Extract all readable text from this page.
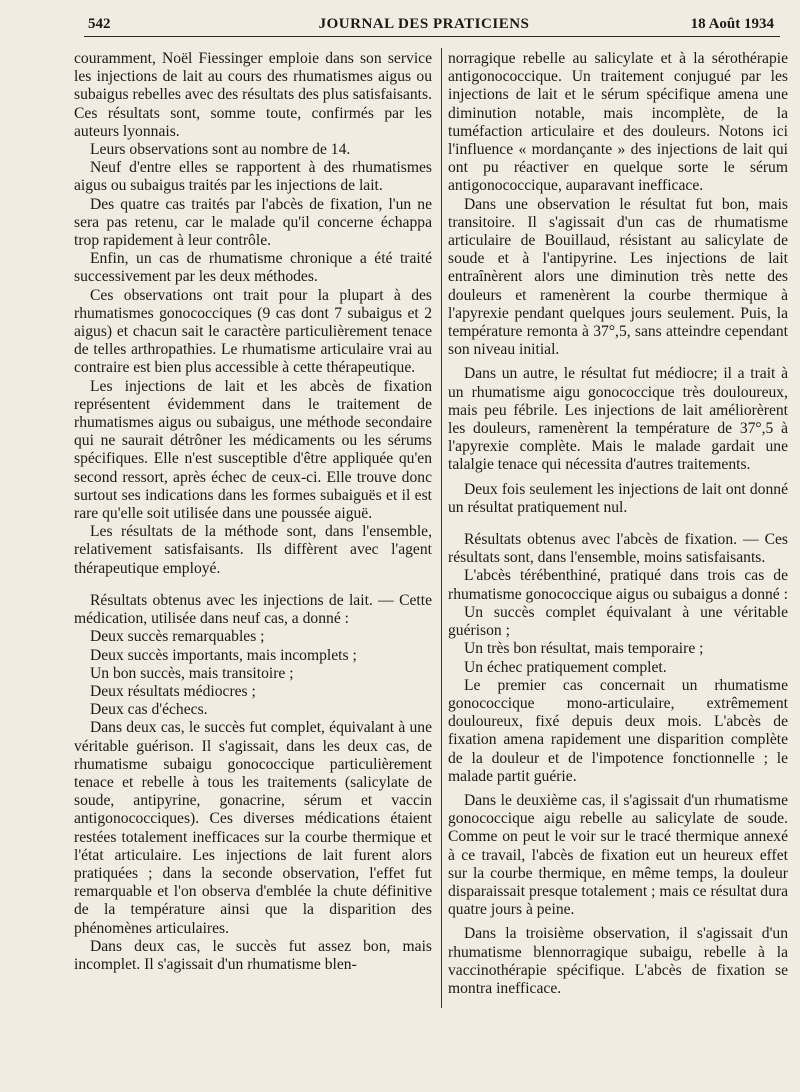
542	JOURNAL DES PRATICIENS	18 Août 1934

couramment, Noël Fiessinger emploie dans son service les injections de lait au cours des rhumatismes aigus ou subaigus rebelles avec des résultats des plus satisfaisants. Ces résultats sont, somme toute, confirmés par les auteurs lyonnais.

Leurs observations sont au nombre de 14.

Neuf d'entre elles se rapportent à des rhumatismes aigus ou subaigus traités par les injections de lait.

Des quatre cas traités par l'abcès de fixation, l'un ne sera pas retenu, car le malade qu'il concerne échappa trop rapidement à leur contrôle.

Enfin, un cas de rhumatisme chronique a été traité successivement par les deux méthodes.

Ces observations ont trait pour la plupart à des rhumatismes gonococciques (9 cas dont 7 subaigus et 2 aigus) et chacun sait le caractère particulièrement tenace de telles arthropathies. Le rhumatisme articulaire vrai au contraire est bien plus accessible à cette thérapeutique.

Les injections de lait et les abcès de fixation représentent évidemment dans le traitement de rhumatismes aigus ou subaigus, une méthode secondaire qui ne saurait détrôner les médicaments ou les sérums spécifiques. Elle n'est susceptible d'être appliquée qu'en second ressort, après échec de ceux-ci. Elle trouve donc surtout ses indications dans les formes subaiguës et il est rare qu'elle soit utilisée dans une poussée aiguë.

Les résultats de la méthode sont, dans l'ensemble, relativement satisfaisants. Ils diffèrent avec l'agent thérapeutique employé.

Résultats obtenus avec les injections de lait. — Cette médication, utilisée dans neuf cas, a donné :

Deux succès remarquables ;

Deux succès importants, mais incomplets ;

Un bon succès, mais transitoire ;

Deux résultats médiocres ;

Deux cas d'échecs.

Dans deux cas, le succès fut complet, équivalant à une véritable guérison. Il s'agissait, dans les deux cas, de rhumatisme subaigu gonococcique particulièrement tenace et rebelle à tous les traitements (salicylate de soude, antipyrine, gonacrine, sérum et vaccin antigonococciques). Ces diverses médications étaient restées totalement inefficaces sur la courbe thermique et l'état articulaire. Les injections de lait furent alors pratiquées ; dans la seconde observation, l'effet fut remarquable et l'on observa d'emblée la chute définitive de la température ainsi que la disparition des phénomènes articulaires.

Dans deux cas, le succès fut assez bon, mais incomplet. Il s'agissait d'un rhumatisme blen-

norragique rebelle au salicylate et à la sérothérapie antigonococcique. Un traitement conjugué par les injections de lait et le sérum spécifique amena une diminution notable, mais incomplète, de la tuméfaction articulaire et des douleurs. Notons ici l'influence « mordançante » des injections de lait qui ont pu réactiver en quelque sorte le sérum antigonococcique, auparavant inefficace.

Dans une observation le résultat fut bon, mais transitoire. Il s'agissait d'un cas de rhumatisme articulaire de Bouillaud, résistant au salicylate de soude et à l'antipyrine. Les injections de lait entraînèrent alors une diminution très nette des douleurs et ramenèrent la courbe thermique à l'apyrexie pendant quelques jours seulement. Puis, la température remonta à 37°,5, sans atteindre cependant son niveau initial.

Dans un autre, le résultat fut médiocre; il a trait à un rhumatisme aigu gonococcique très douloureux, mais peu fébrile. Les injections de lait améliorèrent les douleurs, ramenèrent la température de 37°,5 à l'apyrexie complète. Mais le malade gardait une talalgie tenace qui nécessita d'autres traitements.

Deux fois seulement les injections de lait ont donné un résultat pratiquement nul.

Résultats obtenus avec l'abcès de fixation. — Ces résultats sont, dans l'ensemble, moins satisfaisants.

L'abcès térébenthiné, pratiqué dans trois cas de rhumatisme gonococcique aigus ou subaigus a donné :

Un succès complet équivalant à une véritable guérison ;

Un très bon résultat, mais temporaire ;

Un échec pratiquement complet.

Le premier cas concernait un rhumatisme gonococcique mono-articulaire, extrêmement douloureux, fixé depuis deux mois. L'abcès de fixation amena rapidement une disparition complète de la douleur et de l'impotence fonctionnelle ; le malade partit guérie.

Dans le deuxième cas, il s'agissait d'un rhumatisme gonococcique aigu rebelle au salicylate de soude. Comme on peut le voir sur le tracé thermique annexé à ce travail, l'abcès de fixation eut un heureux effet sur la courbe thermique, en même temps, la douleur disparaissait presque totalement ; mais ce résultat dura quatre jours à peine.

Dans la troisième observation, il s'agissait d'un rhumatisme blennorragique subaigu, rebelle à la vaccinothérapie spécifique. L'abcès de fixation se montra inefficace.
